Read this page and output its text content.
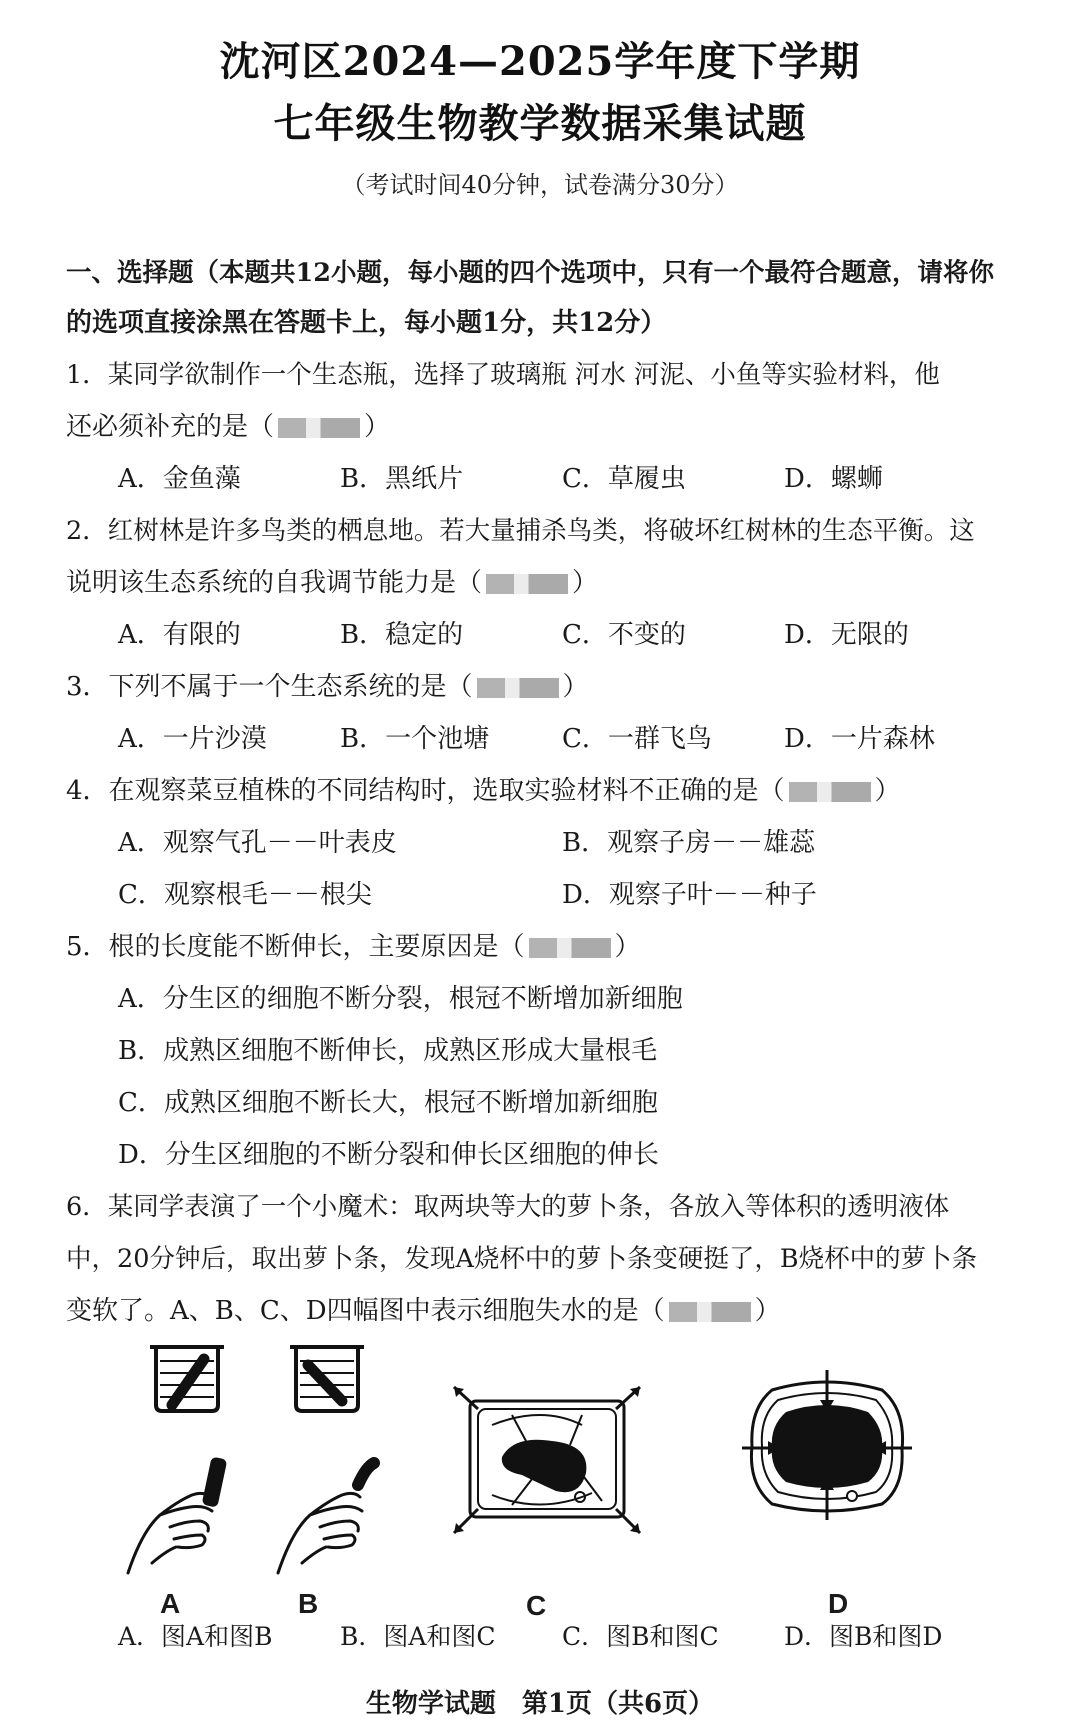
沈河区2024—2025学年度下学期
七年级生物教学数据采集试题
（考试时间40分钟，试卷满分30分）
一、选择题（本题共12小题，每小题的四个选项中，只有一个最符合题意，请将你
的选项直接涂黑在答题卡上，每小题1分，共12分）
1．某同学欲制作一个生态瓶，选择了玻璃瓶 河水 河泥、小鱼等实验材料，他
还必须补充的是（	）
A．金鱼藻	B．黑纸片	C．草履虫	D．螺蛳
2．红树林是许多鸟类的栖息地。若大量捕杀鸟类，将破坏红树林的生态平衡。这
说明该生态系统的自我调节能力是（	）
A．有限的	B．稳定的	C．不变的	D．无限的
3．下列不属于一个生态系统的是（	）
A．一片沙漠	B．一个池塘	C．一群飞鸟	D．一片森林
4．在观察菜豆植株的不同结构时，选取实验材料不正确的是（	）
A．观察气孔－－叶表皮	B．观察子房－－雄蕊
C．观察根毛－－根尖	D．观察子叶－－种子
5．根的长度能不断伸长，主要原因是（	）
A．分生区的细胞不断分裂，根冠不断增加新细胞
B．成熟区细胞不断伸长，成熟区形成大量根毛
C．成熟区细胞不断长大，根冠不断增加新细胞
D．分生区细胞的不断分裂和伸长区细胞的伸长
6．某同学表演了一个小魔术：取两块等大的萝卜条，各放入等体积的透明液体
中，20分钟后，取出萝卜条，发现A烧杯中的萝卜条变硬挺了，B烧杯中的萝卜条
变软了。A、B、C、D四幅图中表示细胞失水的是（	）
A	B	C	D
A．图A和图B	B．图A和图C	C．图B和图C	D．图B和图D
生物学试题　第1页（共6页）
